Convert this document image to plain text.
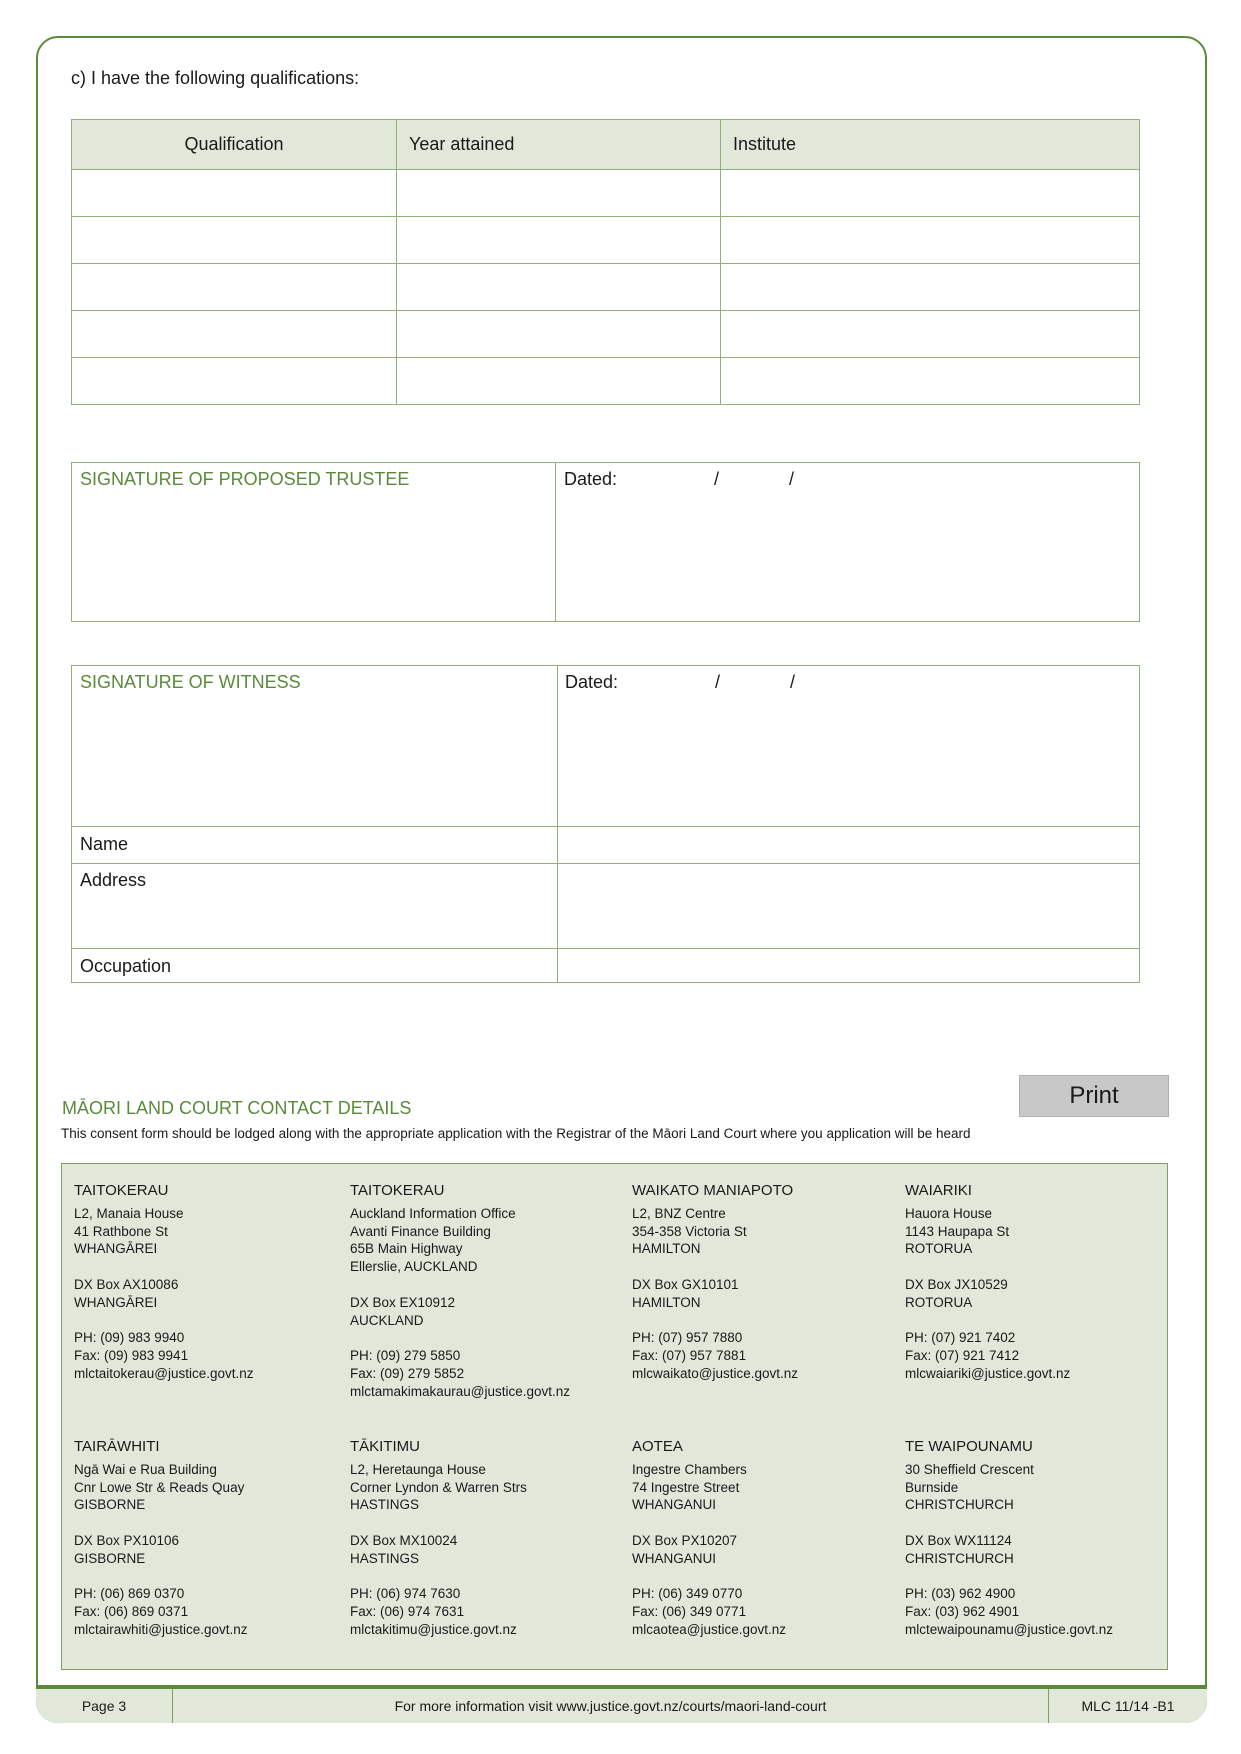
c) I have the following qualifications:
Qualification	Year attained	Institute

SIGNATURE OF PROPOSED TRUSTEE	Dated:	/	/
SIGNATURE OF WITNESS	Dated:	/	/
Name
Address
Occupation
Print
MĀORI LAND COURT CONTACT DETAILS
This consent form should be lodged along with the appropriate application with the Registrar of the Māori Land Court where you application will be heard
TAITOKERAU
L2, Manaia House
41 Rathbone St
WHANGĀREI
DX Box AX10086
WHANGĀREI
PH: (09) 983 9940
Fax: (09) 983 9941
mlctaitokerau@justice.govt.nz
TAITOKERAU
Auckland Information Office
Avanti Finance Building
65B Main Highway
Ellerslie, AUCKLAND
DX Box EX10912
AUCKLAND
PH: (09) 279 5850
Fax: (09) 279 5852
mlctamakimakaurau@justice.govt.nz
WAIKATO MANIAPOTO
L2, BNZ Centre
354-358 Victoria St
HAMILTON
DX Box GX10101
HAMILTON
PH: (07) 957 7880
Fax: (07) 957 7881
mlcwaikato@justice.govt.nz
WAIARIKI
Hauora House
1143 Haupapa St
ROTORUA
DX Box JX10529
ROTORUA
PH: (07) 921 7402
Fax: (07) 921 7412
mlcwaiariki@justice.govt.nz
TAIRĀWHITI
Ngā Wai e Rua Building
Cnr Lowe Str & Reads Quay
GISBORNE
DX Box PX10106
GISBORNE
PH: (06) 869 0370
Fax: (06) 869 0371
mlctairawhiti@justice.govt.nz
TĀKITIMU
L2, Heretaunga House
Corner Lyndon & Warren Strs
HASTINGS
DX Box MX10024
HASTINGS
PH: (06) 974 7630
Fax: (06) 974 7631
mlctakitimu@justice.govt.nz
AOTEA
Ingestre Chambers
74 Ingestre Street
WHANGANUI
DX Box PX10207
WHANGANUI
PH: (06) 349 0770
Fax: (06) 349 0771
mlcaotea@justice.govt.nz
TE WAIPOUNAMU
30 Sheffield Crescent
Burnside
CHRISTCHURCH
DX Box WX11124
CHRISTCHURCH
PH: (03) 962 4900
Fax: (03) 962 4901
mlctewaipounamu@justice.govt.nz
Page 3	For more information visit www.justice.govt.nz/courts/maori-land-court	MLC 11/14 -B1
